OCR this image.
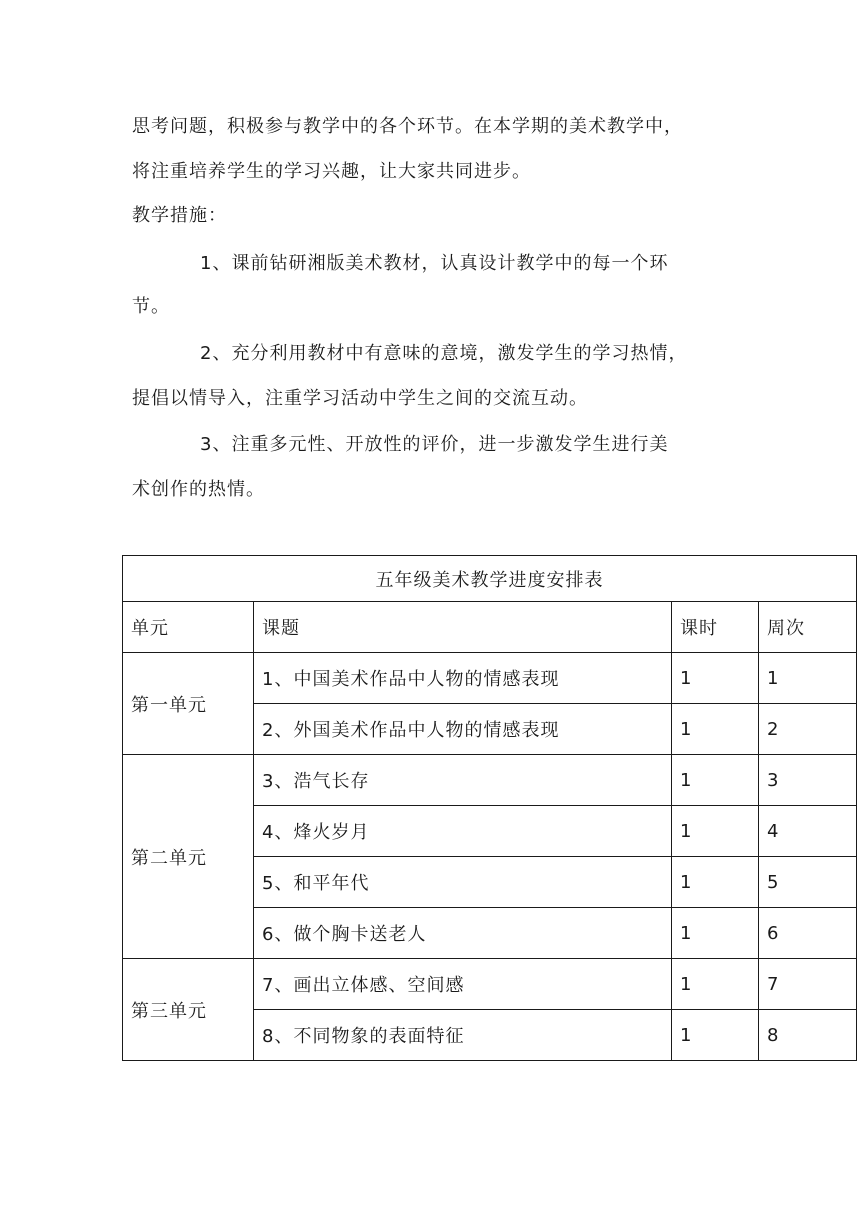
思考问题，积极参与教学中的各个环节。在本学期的美术教学中，

将注重培养学生的学习兴趣，让大家共同进步。

教学措施：

1、课前钻研湘版美术教材，认真设计教学中的每一个环

节。

2、充分利用教材中有意味的意境，激发学生的学习热情，

提倡以情导入，注重学习活动中学生之间的交流互动。

3、注重多元性、开放性的评价，进一步激发学生进行美

术创作的热情。

五年级美术教学进度安排表			
单元	课题	课时	周次
第一单元	1、中国美术作品中人物的情感表现	1	1
	2、外国美术作品中人物的情感表现	1	2
第二单元	3、浩气长存	1	3
	4、烽火岁月	1	4
	5、和平年代	1	5
	6、做个胸卡送老人	1	6
第三单元	7、画出立体感、空间感	1	7
	8、不同物象的表面特征	1	8
